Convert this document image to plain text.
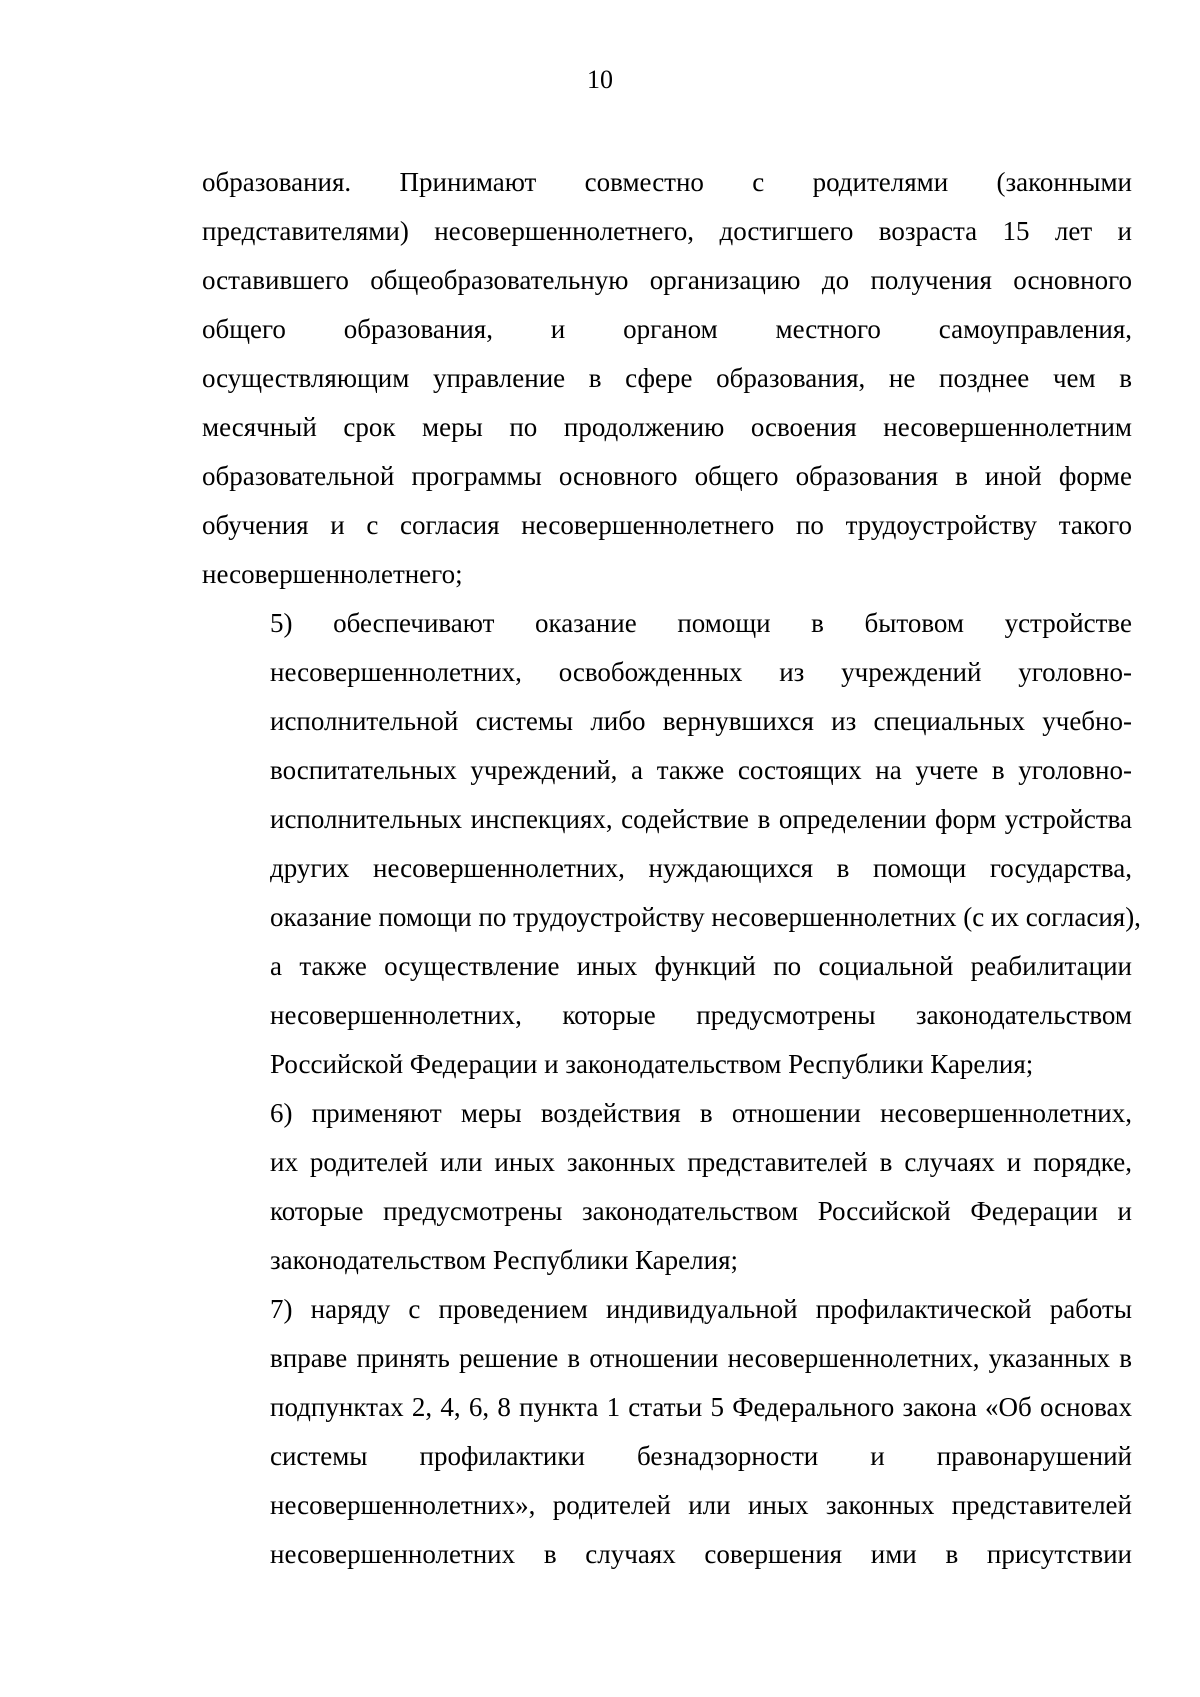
10
образования. Принимают совместно с родителями (законными
представителями) несовершеннолетнего, достигшего возраста 15 лет и
оставившего общеобразовательную организацию до получения основного
общего образования, и органом местного самоуправления,
осуществляющим управление в сфере образования, не позднее чем в
месячный срок меры по продолжению освоения несовершеннолетним
образовательной программы основного общего образования в иной форме
обучения и с согласия несовершеннолетнего по трудоустройству такого
несовершеннолетнего;
5) обеспечивают оказание помощи в бытовом устройстве
несовершеннолетних, освобожденных из учреждений уголовно-
исполнительной системы либо вернувшихся из специальных учебно-
воспитательных учреждений, а также состоящих на учете в уголовно-
исполнительных инспекциях, содействие в определении форм устройства
других несовершеннолетних, нуждающихся в помощи государства,
оказание помощи по трудоустройству несовершеннолетних (с их согласия),
а также осуществление иных функций по социальной реабилитации
несовершеннолетних, которые предусмотрены законодательством
Российской Федерации и законодательством Республики Карелия;
6) применяют меры воздействия в отношении несовершеннолетних,
их родителей или иных законных представителей в случаях и порядке,
которые предусмотрены законодательством Российской Федерации и
законодательством Республики Карелия;
7) наряду с проведением индивидуальной профилактической работы
вправе принять решение в отношении несовершеннолетних, указанных в
подпунктах 2, 4, 6, 8 пункта 1 статьи 5 Федерального закона «Об основах
системы профилактики безнадзорности и правонарушений
несовершеннолетних», родителей или иных законных представителей
несовершеннолетних в случаях совершения ими в присутствии
